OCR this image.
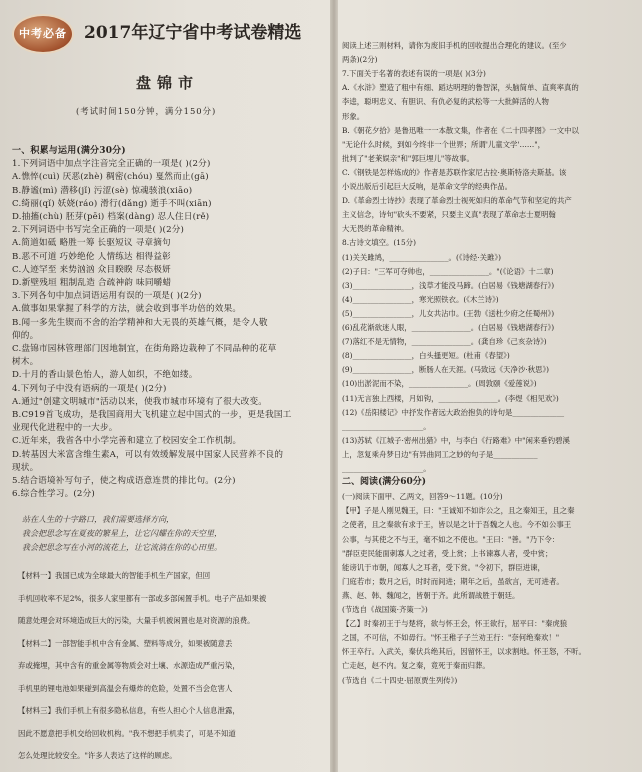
中考必备 2017年辽宁省中考试卷精选
盘锦市
(考试时间150分钟，满分150分)
一、积累与运用(满分30分)
1.下列词语中加点字注音完全正确的一项是( )(2分)
A.憔悴(cuì) 厌恶(zhè) 稠密(chóu) 戛然而止(gā)
B.静谧(mì) 潜移(jǐ) 污涩(sè) 惊魂骇浪(xiāo)
C.绮丽(qǐ) 妖娆(ráo) 滑行(dǎng) 逝手不叫(xiān)
D.抽搐(chù) 胚芽(pēi) 档案(dàng) 忍人住日(rě)
2.下列词语中书写完全正确的一项是( )(2分)
A.简道如砥 略胜一筹 长驱短议 寻章摘句
B.恶不可道 巧妙绝伦 人情练达 相得益彰
C.人迹罕至 来势汹汹 众目睽睽 尽态极妍
D.新壁残垣 粗制乱造 合疏神韵 味同嚼蜡
3.下列各句中加点词语运用有误的一项是( )(2分)
A.做事如果掌握了科学的方法，就会收到事半功倍的效果。
B.闻一多先生锲而不舍的治学精神和大无畏的英雄气概，是令人敬
仰的。
C.盘锦市园林管理部门因地制宜，在街角路边栽种了不同品种的花草
树木。
D.十月的香山景色怡人，游人如织，不绝如缕。
4.下列句子中没有语病的一项是( )(2分)
A.通过"创建文明城市"活动以来，使我市城市环境有了很大改变。
B.C919首飞成功，是我国商用大飞机建立起中国式的一步，更是我国工
业现代化进程中的一大步。
C.近年来，我省各中小学完善和建立了校园安全工作机制。
D.转基因大米富含维生素A，可以有效缓解发展中国家人民营养不良的
现状。
5.结合语境补写句子，使之构成语意连贯的排比句。(2分)
6.综合性学习。(2分)
站在人生的十字路口，我们需要选择方向，
我会把思念写在夏夜的繁星上，让它闪耀在你的天空里，
我会把思念写在小河的流花上，让它流淌在你的心田里。
【材料一】我国已成为全球最大的智能手机生产国家，但回
手机回收率不足2%，很多人家里都有一部或多部闲置手机。电子产品如果被
随意处理会对环境造成巨大的污染，大量手机被闲置也是对资源的浪费。
【材料二】一部智能手机中含有金属、塑料等成分，如果被随意丢
弃或掩埋，其中含有的重金属等物质会对土壤、水源造成严重污染，
手机里的锂电池如果碰到高温会有爆炸的危险，处置不当会危害人
【材料三】我们手机上有很多隐私信息，有些人担心个人信息泄露，
因此不愿意把手机交给回收机构。"我不想把手机卖了，可是不知道
怎么处理比较安全。"许多人表达了这样的顾虑。
阅读上述三则材料，请你为废旧手机的回收提出合理化的建议。(至少
两条)(2分)
7.下面关于名著的表述有误的一项是( )(3分)
A.《水浒》塑造了粗中有细、蹈达明理的鲁智深，头脑简单、直爽率真的
李逵，聪明忠义、有胆识、有仇必复的武松等一大批鲜活的人物
形象。
B.《朝花夕拾》是鲁迅唯一一本散文集，作者在《二十四孝图》一文中以
"无论什么时候，到如今终非一个世界；所谓'儿童文学'……"，
批判了"老莱娱亲"和"郭巨埋儿"等故事。
C.《钢铁是怎样炼成的》作者是苏联作家尼古拉·奥斯特洛夫斯基。该
小说出版后引起巨大反响，是革命文学的经典作品。
D.《革命烈士诗抄》表现了革命烈士视死如归的革命气节和坚定的共产
主义信念，诗句"砍头不要紧，只要主义真"表现了革命志士夏明翰
大无畏的革命精神。
8.古诗文填空。(15分)
(1)关关雎鸠，________________。(《诗经·关雎》)
(2)子曰："三军可夺帅也，________________。"(《论语》十二章)
(3)________________，浅草才能没马蹄。(白居易《钱塘湖春行》)
(4)________________，寒光照铁衣。(《木兰诗》)
(5)________________，儿女共沾巾。(王勃《送杜少府之任蜀州》)
(6)乱花渐欲迷人眼，________________。(白居易《钱塘湖春行》)
(7)落红不是无情物，________________。(龚自珍《己亥杂诗》)
(8)________________，白头搔更短。(杜甫《春望》)
(9)________________，断肠人在天涯。(马致远《天净沙·秋思》)
(10)出淤泥而不染，________________。(周敦颐《爱莲说》)
(11)无言独上西楼，月如钩，________________。(李煜《相见欢》)
(12)《岳阳楼记》中抒发作者远大政治抱负的诗句是______________
______________________。
(13)苏轼《江城子·密州出猎》中，与李白《行路难》中"闲来垂钓碧溪
上，忽复乘舟梦日边"有异曲同工之妙的句子是____________
______________________。
二、阅读(满分60分)
(一)阅读下面甲、乙两文，回答9～11题。(10分)
【甲】子是人刚见魏王，曰："王诚知不如诈公之，且之秦知王，且之秦
之使者，且之秦欲有求于王，皆以是之计于吾魏之人也。今不如公事王
公事，与其使之不与王，毫不如之不使也。"王曰："善。"乃下令：
"群臣吏民能面刺寡人之过者，受上赏；上书谏寡人者，受中赏；
能谤讥于市朝，闻寡人之耳者，受下赏。"令初下，群臣进谏，
门庭若市；数月之后，时时而间进；期年之后，虽欲言，无可进者。
燕、赵、韩、魏闻之，皆朝于齐。此所谓战胜于朝廷。
(节选自《战国策·齐策一》)
【乙】时秦初王于与楚将，欲与怀王会，怀王欲行，屈平曰："秦虎狼
之国，不可信，不如毋行。"怀王稚子子兰劝王行："奈何绝秦欢！"
怀王卒行。入武关，秦伏兵绝其后，因留怀王，以求割地。怀王怒，不听。
亡走赵，赵不内。复之秦，竟死于秦而归葬。
(节选自《二十四史·屈原贾生列传》)
